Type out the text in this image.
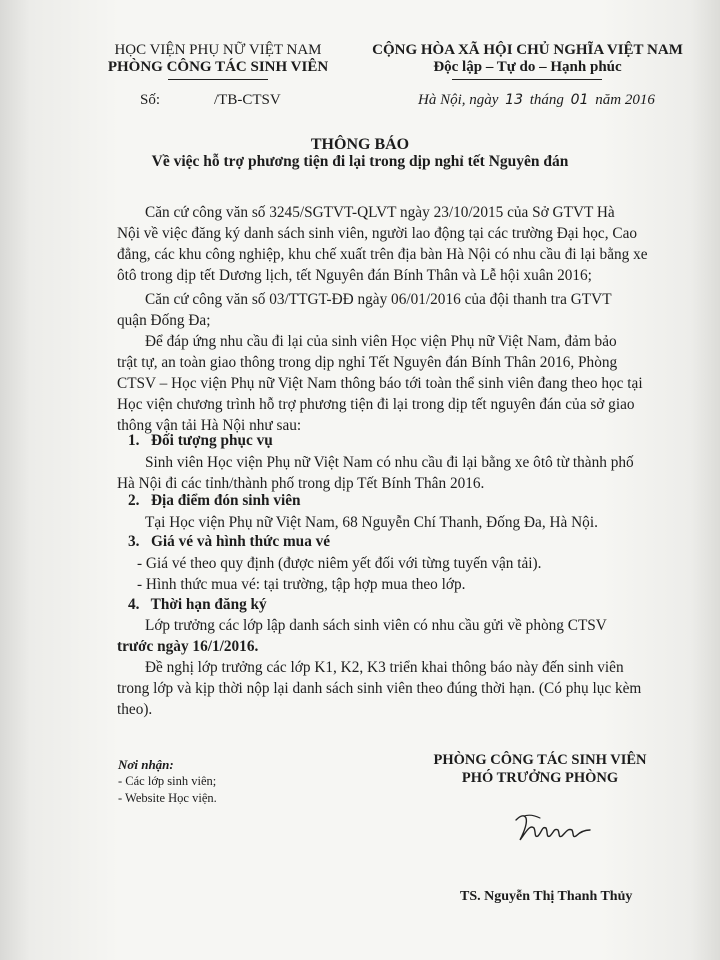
HỌC VIỆN PHỤ NỮ VIỆT NAM
PHÒNG CÔNG TÁC SINH VIÊN
Số:	/TB-CTSV
CỘNG HÒA XÃ HỘI CHỦ NGHĨA VIỆT NAM
Độc lập – Tự do – Hạnh phúc
Hà Nội, ngày 13 tháng 01 năm 2016
THÔNG BÁO
Về việc hỗ trợ phương tiện đi lại trong dịp nghỉ tết Nguyên đán
Căn cứ công văn số 3245/SGTVT-QLVT ngày 23/10/2015 của Sở GTVT Hà
Nội về việc đăng ký danh sách sinh viên, người lao động tại các trường Đại học, Cao
đẳng, các khu công nghiệp, khu chế xuất trên địa bàn Hà Nội có nhu cầu đi lại bằng xe
ôtô trong dịp tết Dương lịch, tết Nguyên đán Bính Thân và Lễ hội xuân 2016;
Căn cứ công văn số 03/TTGT-ĐĐ ngày 06/01/2016 của đội thanh tra GTVT
quận Đống Đa;
Để đáp ứng nhu cầu đi lại của sinh viên Học viện Phụ nữ Việt Nam, đảm bảo
trật tự, an toàn giao thông trong dịp nghỉ Tết Nguyên đán Bính Thân 2016, Phòng
CTSV – Học viện Phụ nữ Việt Nam thông báo tới toàn thể sinh viên đang theo học tại
Học viện chương trình hỗ trợ phương tiện đi lại trong dịp tết nguyên đán của sở giao
thông vận tải Hà Nội như sau:
1.   Đối tượng phục vụ
Sinh viên Học viện Phụ nữ Việt Nam có nhu cầu đi lại bằng xe ôtô từ thành phố
Hà Nội đi các tỉnh/thành phố trong dịp Tết Bính Thân 2016.
2.   Địa điểm đón sinh viên
Tại Học viện Phụ nữ Việt Nam, 68 Nguyễn Chí Thanh, Đống Đa, Hà Nội.
3.   Giá vé và hình thức mua vé
- Giá vé theo quy định (được niêm yết đối với từng tuyến vận tải).
- Hình thức mua vé: tại trường, tập hợp mua theo lớp.
4.   Thời hạn đăng ký
Lớp trưởng các lớp lập danh sách sinh viên có nhu cầu gửi về phòng CTSV
trước ngày 16/1/2016.
Đề nghị lớp trưởng các lớp K1, K2, K3 triển khai thông báo này đến sinh viên
trong lớp và kịp thời nộp lại danh sách sinh viên theo đúng thời hạn. (Có phụ lục kèm
theo).
Nơi nhận:
- Các lớp sinh viên;
- Website Học viện.
PHÒNG CÔNG TÁC SINH VIÊN
PHÓ TRƯỞNG PHÒNG
TS. Nguyễn Thị Thanh Thủy
